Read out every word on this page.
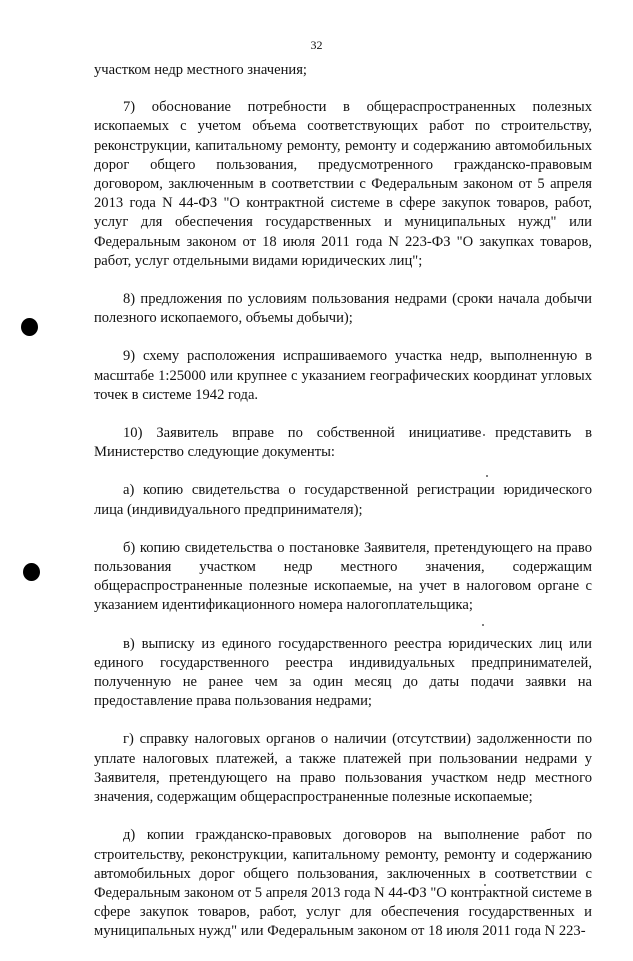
32

участком недр местного значения;

7) обоснование потребности в общераспространенных полезных ископаемых с учетом объема соответствующих работ по строительству, реконструкции, капитальному ремонту, ремонту и содержанию автомобильных дорог общего пользования, предусмотренного гражданско-правовым договором, заключенным в соответствии с Федеральным законом от 5 апреля 2013 года N 44-ФЗ "О контрактной системе в сфере закупок товаров, работ, услуг для обеспечения государственных и муниципальных нужд" или Федеральным законом от 18 июля 2011 года N 223-ФЗ "О закупках товаров, работ, услуг отдельными видами юридических лиц";

8) предложения по условиям пользования недрами (сроки начала добычи полезного ископаемого, объемы добычи);

9) схему расположения испрашиваемого участка недр, выполненную в масштабе 1:25000 или крупнее с указанием географических координат угловых точек в системе 1942 года.

10) Заявитель вправе по собственной инициативе представить в Министерство следующие документы:

а) копию свидетельства о государственной регистрации юридического лица (индивидуального предпринимателя);

б) копию свидетельства о постановке Заявителя, претендующего на право пользования участком недр местного значения, содержащим общераспространенные полезные ископаемые, на учет в налоговом органе с указанием идентификационного номера налогоплательщика;

в) выписку из единого государственного реестра юридических лиц или единого государственного реестра индивидуальных предпринимателей, полученную не ранее чем за один месяц до даты подачи заявки на предоставление права пользования недрами;

г) справку налоговых органов о наличии (отсутствии) задолженности по уплате налоговых платежей, а также платежей при пользовании недрами у Заявителя, претендующего на право пользования участком недр местного значения, содержащим общераспространенные полезные ископаемые;

д) копии гражданско-правовых договоров на выполнение работ по строительству, реконструкции, капитальному ремонту, ремонту и содержанию автомобильных дорог общего пользования, заключенных в соответствии с Федеральным законом от 5 апреля 2013 года N 44-ФЗ "О контрактной системе в сфере закупок товаров, работ, услуг для обеспечения государственных и муниципальных нужд" или Федеральным законом от 18 июля 2011 года N 223-
